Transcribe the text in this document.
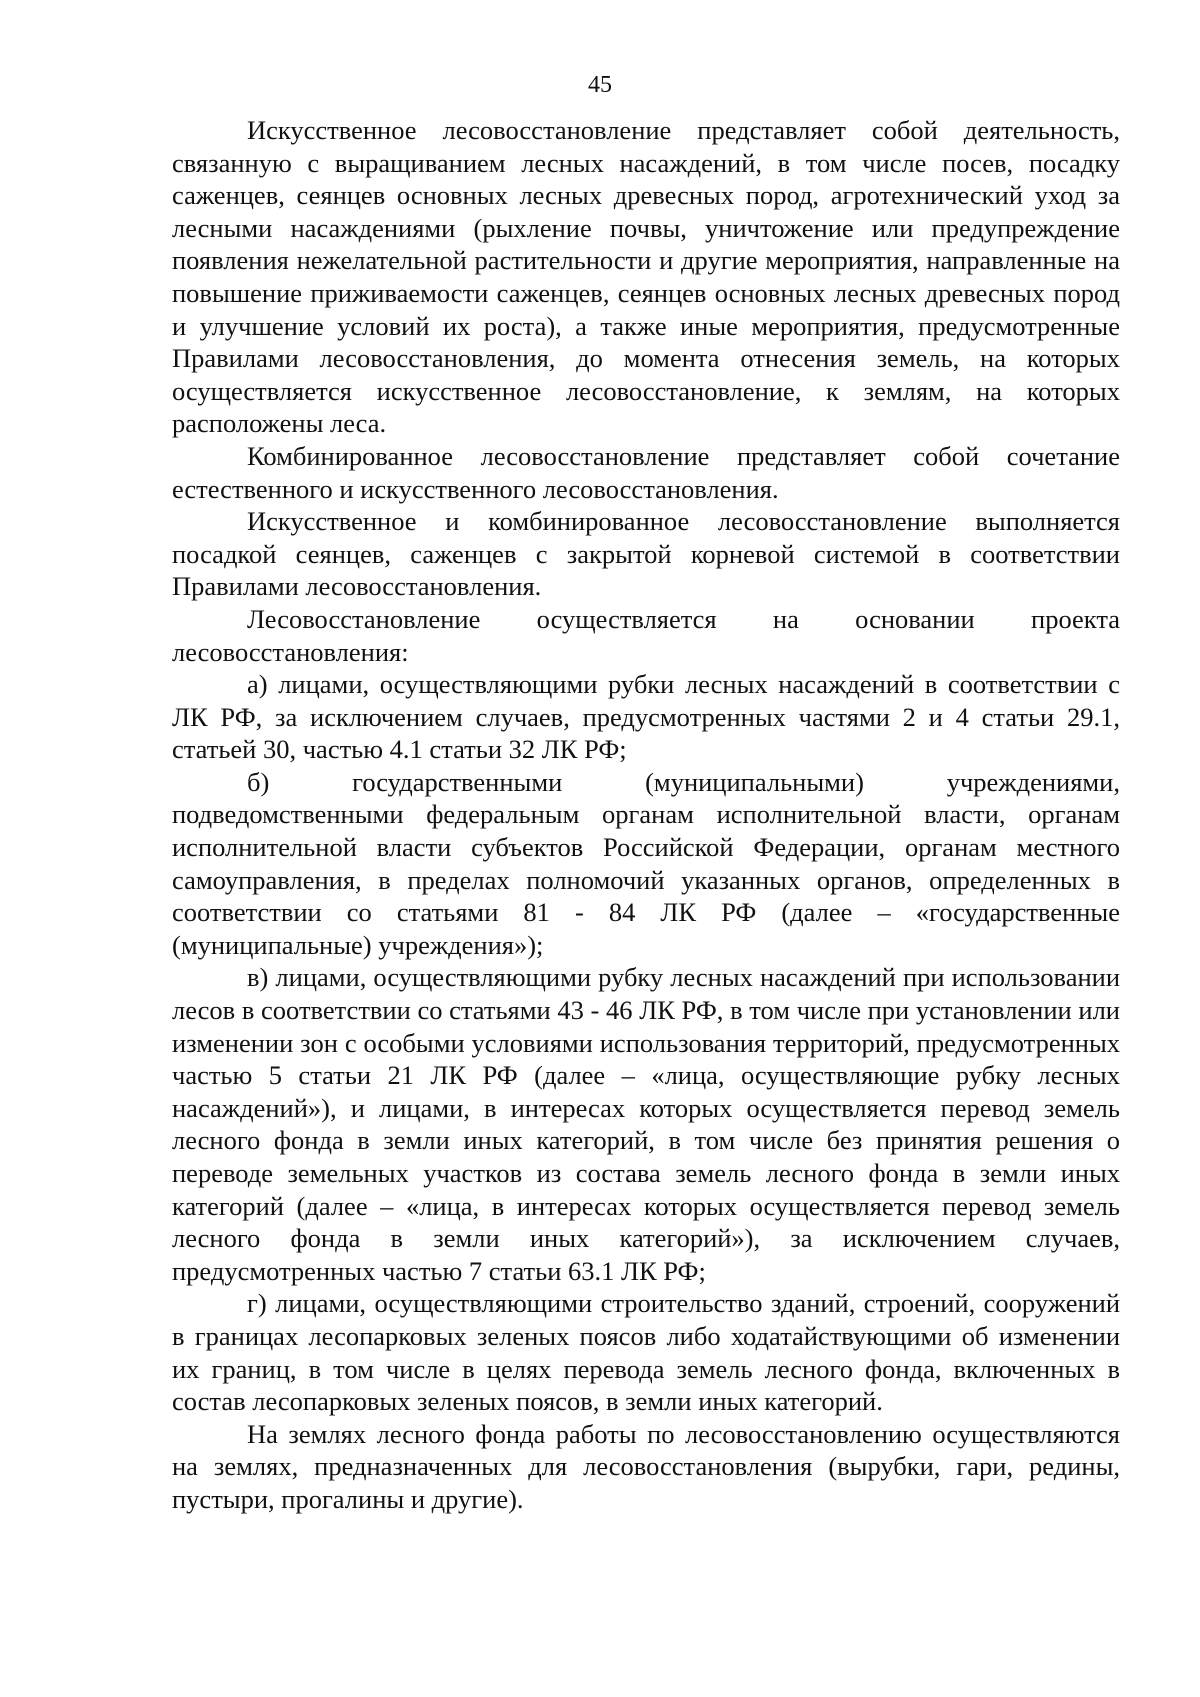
45

Искусственное лесовосстановление представляет собой деятельность, связанную с выращиванием лесных насаждений, в том числе посев, посадку саженцев, сеянцев основных лесных древесных пород, агротехнический уход за лесными насаждениями (рыхление почвы, уничтожение или предупреждение появления нежелательной растительности и другие мероприятия, направленные на повышение приживаемости саженцев, сеянцев основных лесных древесных пород и улучшение условий их роста), а также иные мероприятия, предусмотренные Правилами лесовосстановления, до момента отнесения земель, на которых осуществляется искусственное лесовосстановление, к землям, на которых расположены леса.

Комбинированное лесовосстановление представляет собой сочетание естественного и искусственного лесовосстановления.

Искусственное и комбинированное лесовосстановление выполняется посадкой сеянцев, саженцев с закрытой корневой системой в соответствии Правилами лесовосстановления.

Лесовосстановление осуществляется на основании проекта лесовосстановления:

а) лицами, осуществляющими рубки лесных насаждений в соответствии с ЛК РФ, за исключением случаев, предусмотренных частями 2 и 4 статьи 29.1, статьей 30, частью 4.1 статьи 32 ЛК РФ;

б) государственными (муниципальными) учреждениями, подведомственными федеральным органам исполнительной власти, органам исполнительной власти субъектов Российской Федерации, органам местного самоуправления, в пределах полномочий указанных органов, определенных в соответствии со статьями 81 - 84 ЛК РФ (далее – «государственные (муниципальные) учреждения»);

в) лицами, осуществляющими рубку лесных насаждений при использовании лесов в соответствии со статьями 43 - 46 ЛК РФ, в том числе при установлении или изменении зон с особыми условиями использования территорий, предусмотренных частью 5 статьи 21 ЛК РФ (далее – «лица, осуществляющие рубку лесных насаждений»), и лицами, в интересах которых осуществляется перевод земель лесного фонда в земли иных категорий, в том числе без принятия решения о переводе земельных участков из состава земель лесного фонда в земли иных категорий (далее – «лица, в интересах которых осуществляется перевод земель лесного фонда в земли иных категорий»), за исключением случаев, предусмотренных частью 7 статьи 63.1 ЛК РФ;

г) лицами, осуществляющими строительство зданий, строений, сооружений в границах лесопарковых зеленых поясов либо ходатайствующими об изменении их границ, в том числе в целях перевода земель лесного фонда, включенных в состав лесопарковых зеленых поясов, в земли иных категорий.

На землях лесного фонда работы по лесовосстановлению осуществляются на землях, предназначенных для лесовосстановления (вырубки, гари, редины, пустыри, прогалины и другие).
